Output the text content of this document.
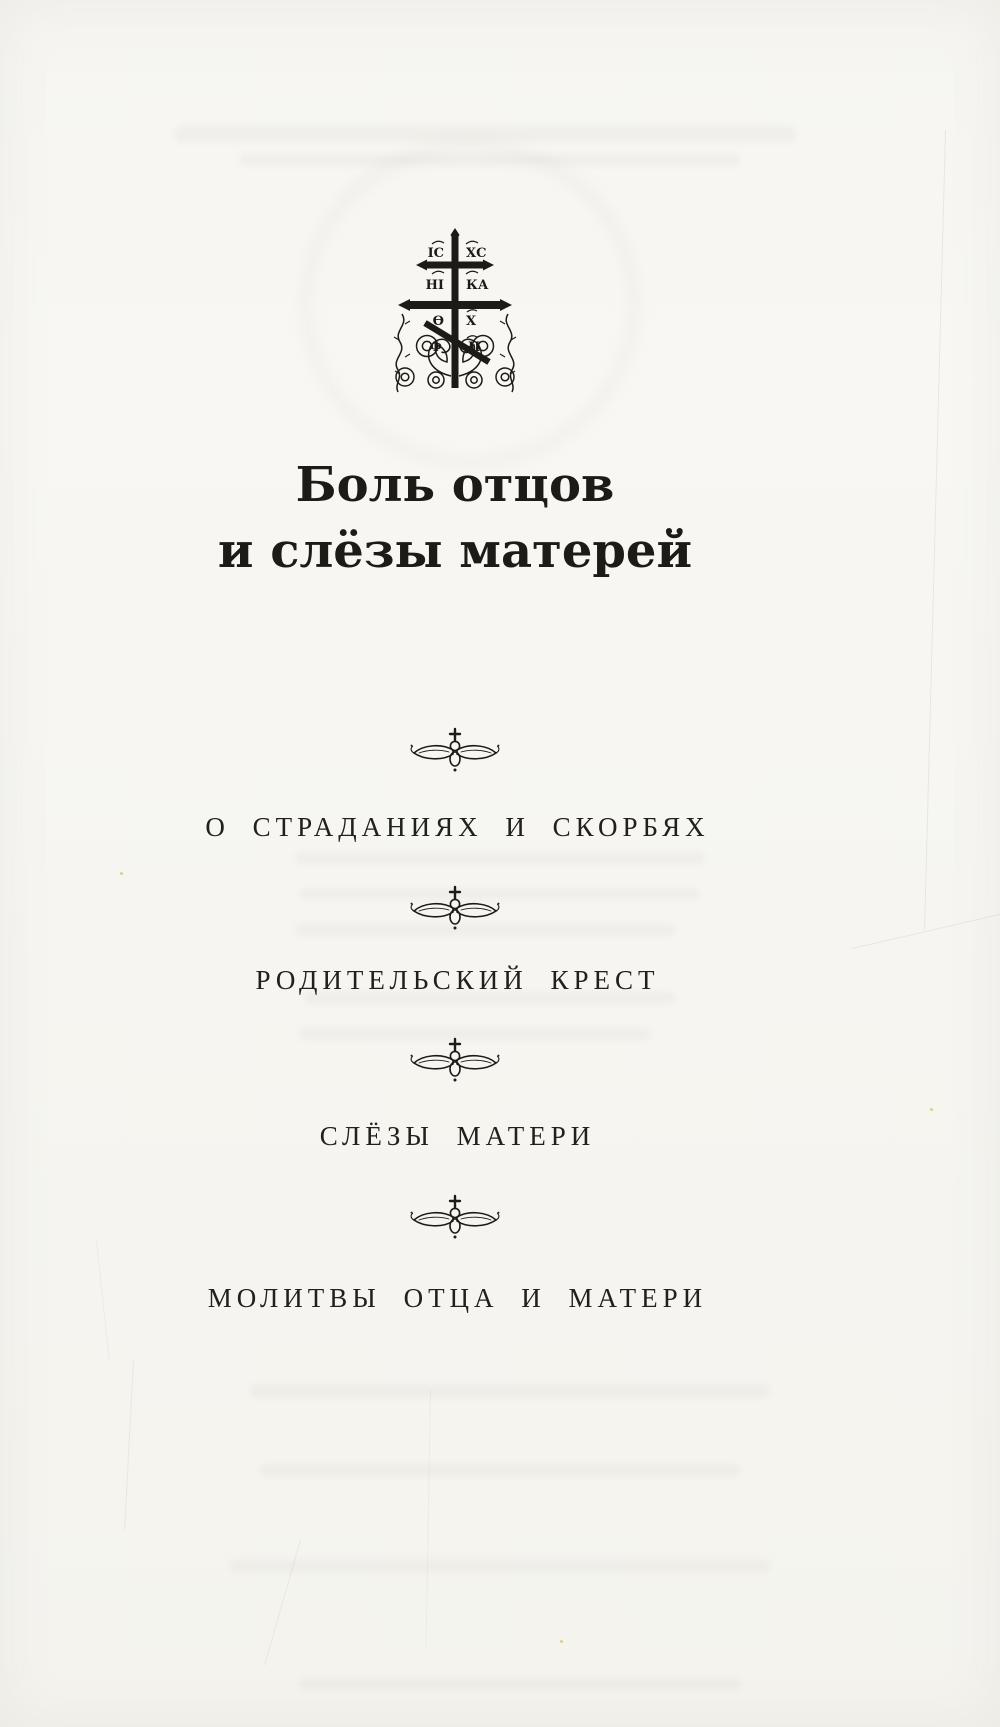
ІС ХС
НІ КА
Ѳ Х
Ф П
Боль отцов
и слёзы матерей
О СТРАДАНИЯХ И СКОРБЯХ
РОДИТЕЛЬСКИЙ КРЕСТ
СЛЁЗЫ МАТЕРИ
МОЛИТВЫ ОТЦА И МАТЕРИ
